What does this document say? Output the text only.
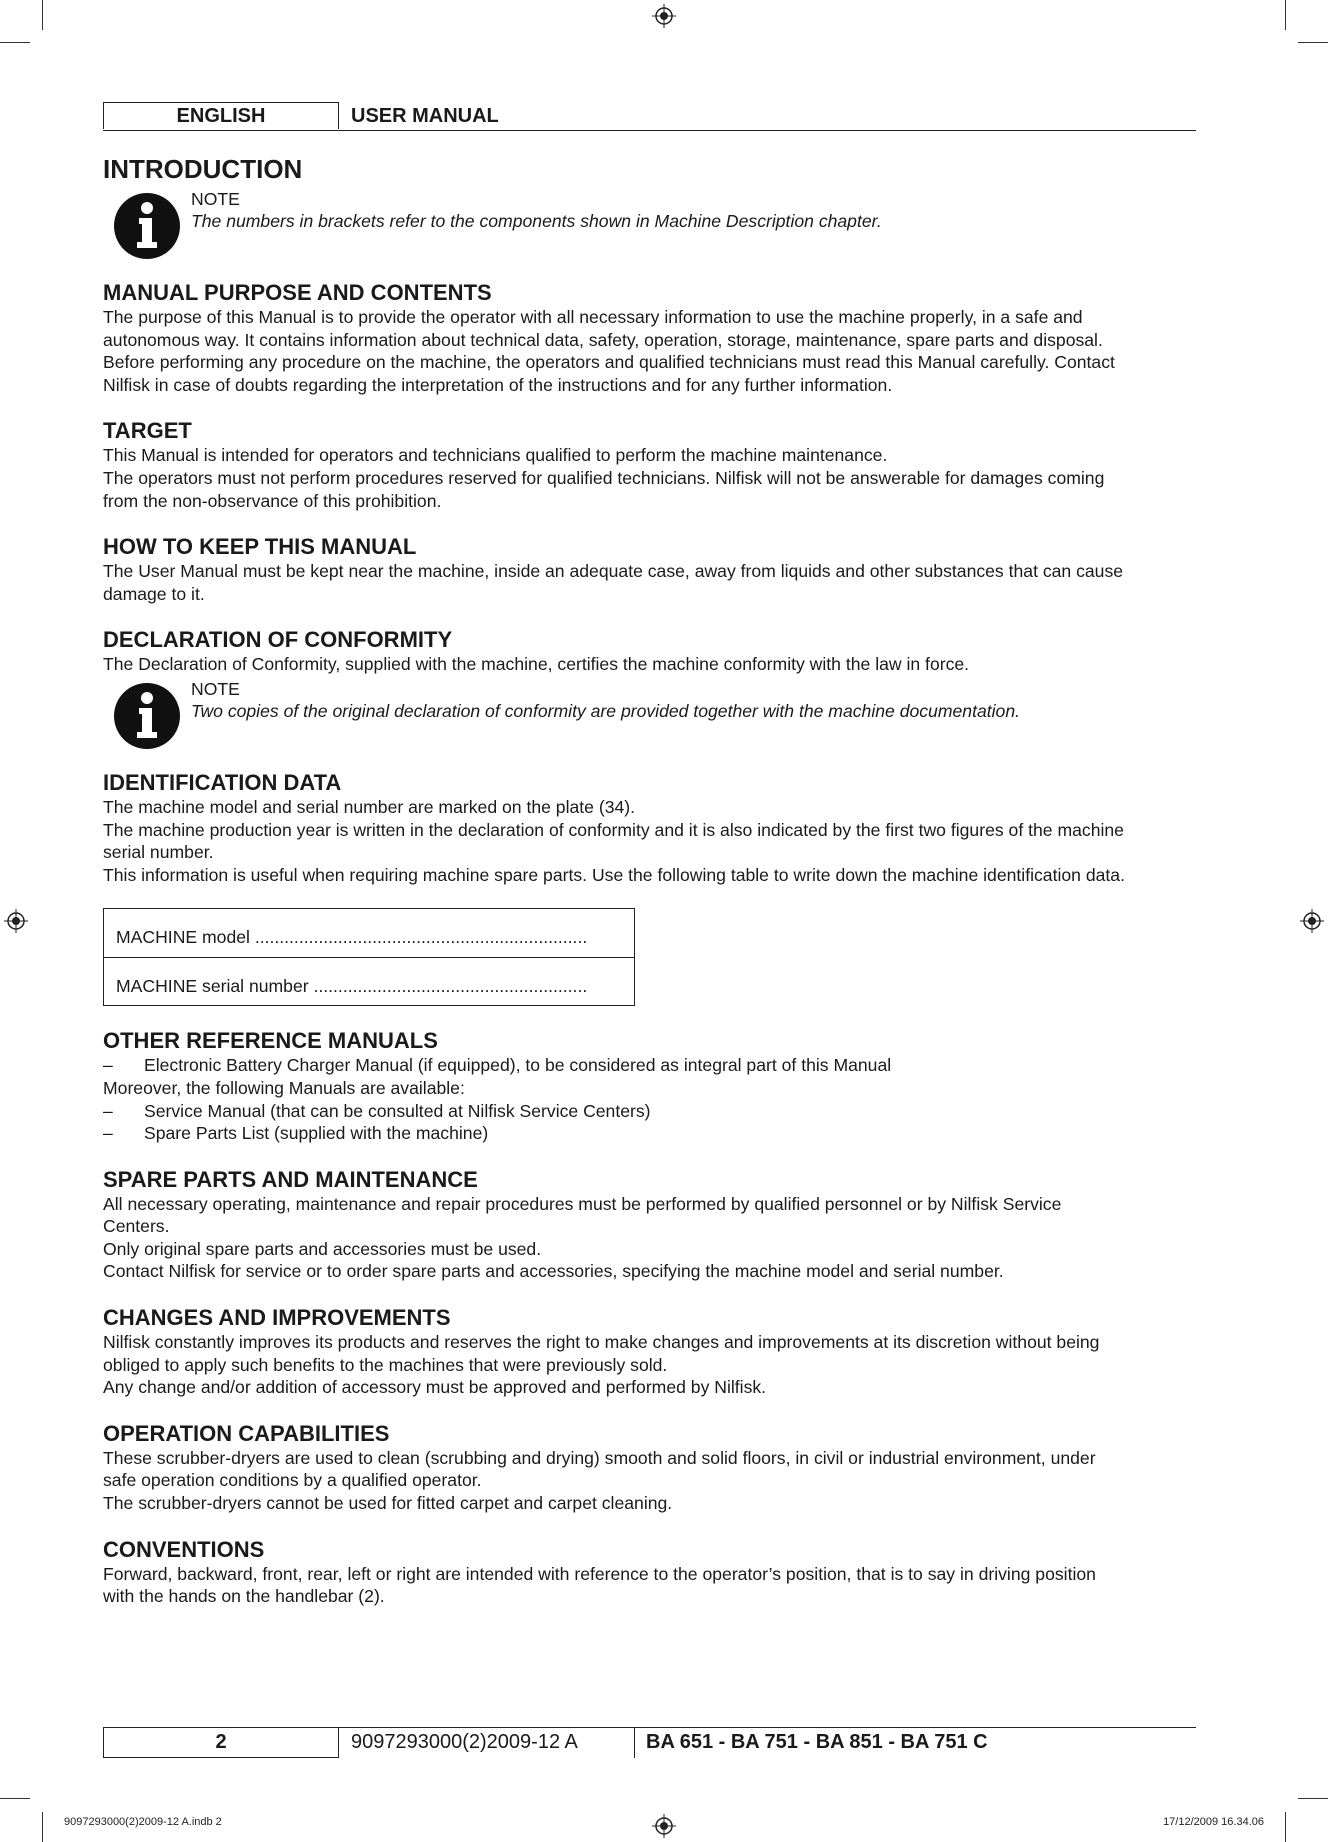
ENGLISH	USER MANUAL
INTRODUCTION
NOTE
The numbers in brackets refer to the components shown in Machine Description chapter.
MANUAL PURPOSE AND CONTENTS

The purpose of this Manual is to provide the operator with all necessary information to use the machine properly, in a safe and

autonomous way. It contains information about technical data, safety, operation, storage, maintenance, spare parts and disposal.

Before performing any procedure on the machine, the operators and qualified technicians must read this Manual carefully. Contact

Nilfisk in case of doubts regarding the interpretation of the instructions and for any further information.

TARGET

This Manual is intended for operators and technicians qualified to perform the machine maintenance.

The operators must not perform procedures reserved for qualified technicians. Nilfisk will not be answerable for damages coming

from the non-observance of this prohibition.

HOW TO KEEP THIS MANUAL

The User Manual must be kept near the machine, inside an adequate case, away from liquids and other substances that can cause

damage to it.

DECLARATION OF CONFORMITY

The Declaration of Conformity, supplied with the machine, certifies the machine conformity with the law in force.

NOTE
Two copies of the original declaration of conformity are provided together with the machine documentation.
IDENTIFICATION DATA

The machine model and serial number are marked on the plate (34).

The machine production year is written in the declaration of conformity and it is also indicated by the first two figures of the machine

serial number.

This information is useful when requiring machine spare parts. Use the following table to write down the machine identification data.

MACHINE model ....................................................................
MACHINE serial number ........................................................
OTHER REFERENCE MANUALS
– Electronic Battery Charger Manual (if equipped), to be considered as integral part of this Manual

Moreover, the following Manuals are available:

– Service Manual (that can be consulted at Nilfisk Service Centers)
– Spare Parts List (supplied with the machine)
SPARE PARTS AND MAINTENANCE

All necessary operating, maintenance and repair procedures must be performed by qualified personnel or by Nilfisk Service

Centers.

Only original spare parts and accessories must be used.

Contact Nilfisk for service or to order spare parts and accessories, specifying the machine model and serial number.

CHANGES AND IMPROVEMENTS

Nilfisk constantly improves its products and reserves the right to make changes and improvements at its discretion without being

obliged to apply such benefits to the machines that were previously sold.

Any change and/or addition of accessory must be approved and performed by Nilfisk.

OPERATION CAPABILITIES

These scrubber-dryers are used to clean (scrubbing and drying) smooth and solid floors, in civil or industrial environment, under

safe operation conditions by a qualified operator.

The scrubber-dryers cannot be used for fitted carpet and carpet cleaning.

CONVENTIONS

Forward, backward, front, rear, left or right are intended with reference to the operator’s position, that is to say in driving position

with the hands on the handlebar (2).

2	9097293000(2)2009-12 A	BA 651 - BA 751 - BA 851 - BA 751 C
9097293000(2)2009-12 A.indb 2	17/12/2009 16.34.06
